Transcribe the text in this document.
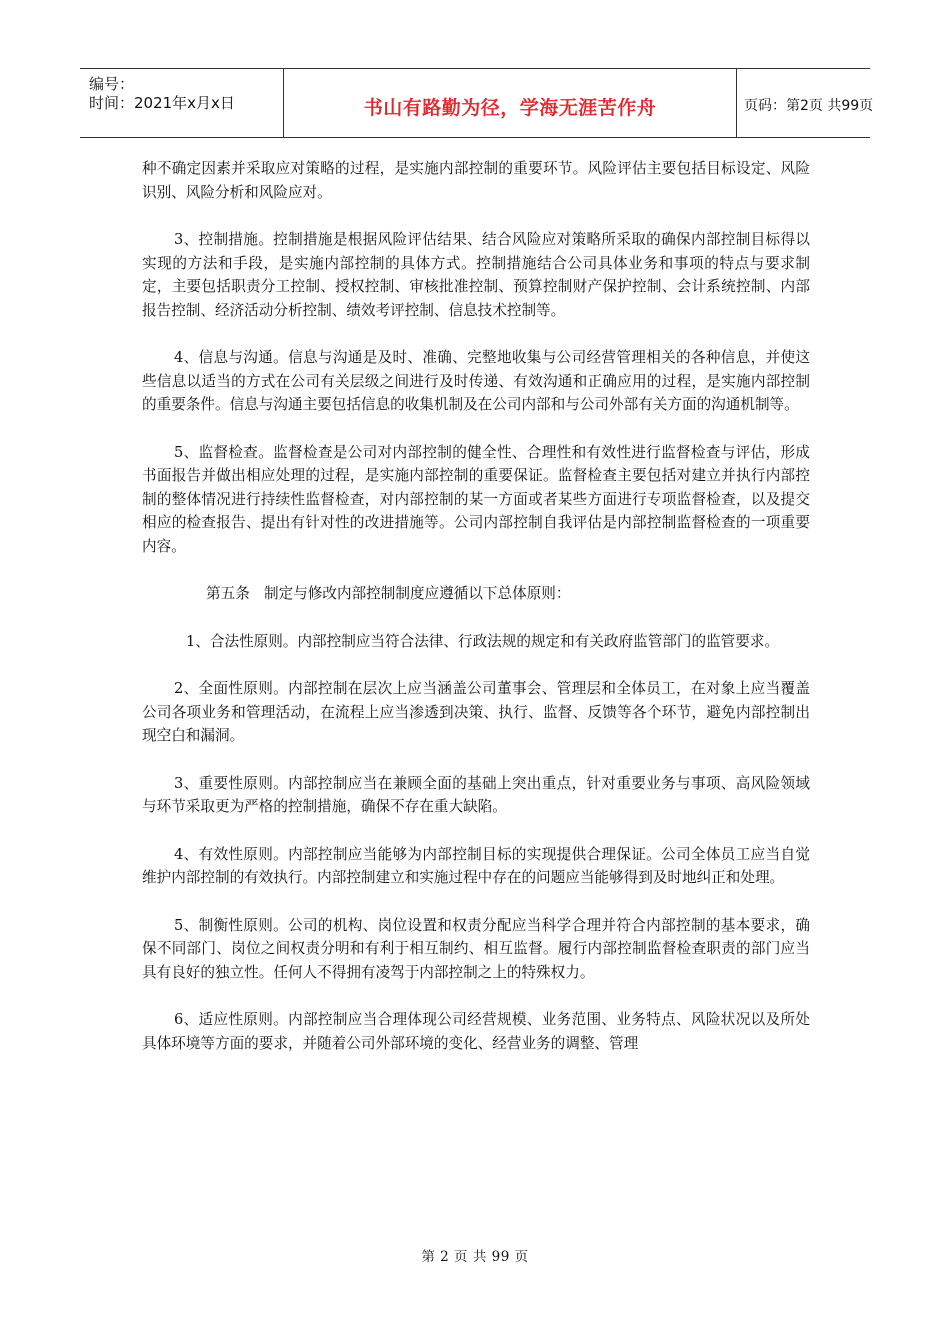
编号：
时间：2021年x月x日	书山有路勤为径，学海无涯苦作舟	页码：第2页 共99页

种不确定因素并采取应对策略的过程，是实施内部控制的重要环节。风险评估主要包括目标设定、风险识别、风险分析和风险应对。

3、控制措施。控制措施是根据风险评估结果、结合风险应对策略所采取的确保内部控制目标得以实现的方法和手段，是实施内部控制的具体方式。控制措施结合公司具体业务和事项的特点与要求制定，主要包括职责分工控制、授权控制、审核批准控制、预算控制财产保护控制、会计系统控制、内部报告控制、经济活动分析控制、绩效考评控制、信息技术控制等。

4、信息与沟通。信息与沟通是及时、准确、完整地收集与公司经营管理相关的各种信息，并使这些信息以适当的方式在公司有关层级之间进行及时传递、有效沟通和正确应用的过程，是实施内部控制的重要条件。信息与沟通主要包括信息的收集机制及在公司内部和与公司外部有关方面的沟通机制等。

5、监督检查。监督检查是公司对内部控制的健全性、合理性和有效性进行监督检查与评估，形成书面报告并做出相应处理的过程，是实施内部控制的重要保证。监督检查主要包括对建立并执行内部控制的整体情况进行持续性监督检查，对内部控制的某一方面或者某些方面进行专项监督检查，以及提交相应的检查报告、提出有针对性的改进措施等。公司内部控制自我评估是内部控制监督检查的一项重要内容。

第五条 制定与修改内部控制制度应遵循以下总体原则：

1、合法性原则。内部控制应当符合法律、行政法规的规定和有关政府监管部门的监管要求。

2、全面性原则。内部控制在层次上应当涵盖公司董事会、管理层和全体员工，在对象上应当覆盖公司各项业务和管理活动，在流程上应当渗透到决策、执行、监督、反馈等各个环节，避免内部控制出现空白和漏洞。

3、重要性原则。内部控制应当在兼顾全面的基础上突出重点，针对重要业务与事项、高风险领域与环节采取更为严格的控制措施，确保不存在重大缺陷。

4、有效性原则。内部控制应当能够为内部控制目标的实现提供合理保证。公司全体员工应当自觉维护内部控制的有效执行。内部控制建立和实施过程中存在的问题应当能够得到及时地纠正和处理。

5、制衡性原则。公司的机构、岗位设置和权责分配应当科学合理并符合内部控制的基本要求，确保不同部门、岗位之间权责分明和有利于相互制约、相互监督。履行内部控制监督检查职责的部门应当具有良好的独立性。任何人不得拥有凌驾于内部控制之上的特殊权力。

6、适应性原则。内部控制应当合理体现公司经营规模、业务范围、业务特点、风险状况以及所处具体环境等方面的要求，并随着公司外部环境的变化、经营业务的调整、管理

第 2 页 共 99 页
